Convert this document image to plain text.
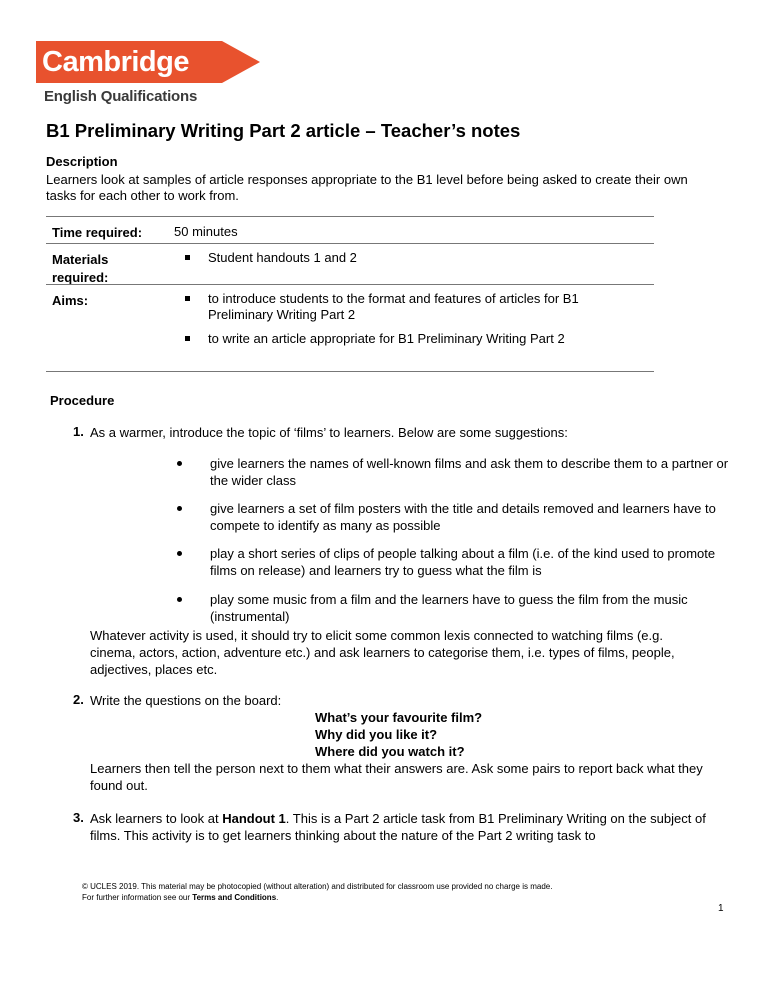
Cambridge
English Qualifications
B1 Preliminary Writing Part 2 article – Teacher’s notes
Description
Learners look at samples of article responses appropriate to the B1 level before being asked to create their own tasks for each other to work from.
Time required:	50 minutes
Materials required:
Student handouts 1 and 2
Aims:	to introduce students to the format and features of articles for B1 Preliminary Writing Part 2
to write an article appropriate for B1 Preliminary Writing Part 2
Procedure
1. As a warmer, introduce the topic of ‘films’ to learners. Below are some suggestions:
give learners the names of well-known films and ask them to describe them to a partner or the wider class
give learners a set of film posters with the title and details removed and learners have to compete to identify as many as possible
play a short series of clips of people talking about a film (i.e. of the kind used to promote films on release) and learners try to guess what the film is
play some music from a film and the learners have to guess the film from the music (instrumental)
Whatever activity is used, it should try to elicit some common lexis connected to watching films (e.g. cinema, actors, action, adventure etc.) and ask learners to categorise them, i.e. types of films, people, adjectives, places etc.
2. Write the questions on the board:
What’s your favourite film?
Why did you like it?
Where did you watch it?
Learners then tell the person next to them what their answers are. Ask some pairs to report back what they found out.
3. Ask learners to look at Handout 1. This is a Part 2 article task from B1 Preliminary Writing on the subject of films. This activity is to get learners thinking about the nature of the Part 2 writing task to
© UCLES 2019. This material may be photocopied (without alteration) and distributed for classroom use provided no charge is made.
For further information see our Terms and Conditions.
1
